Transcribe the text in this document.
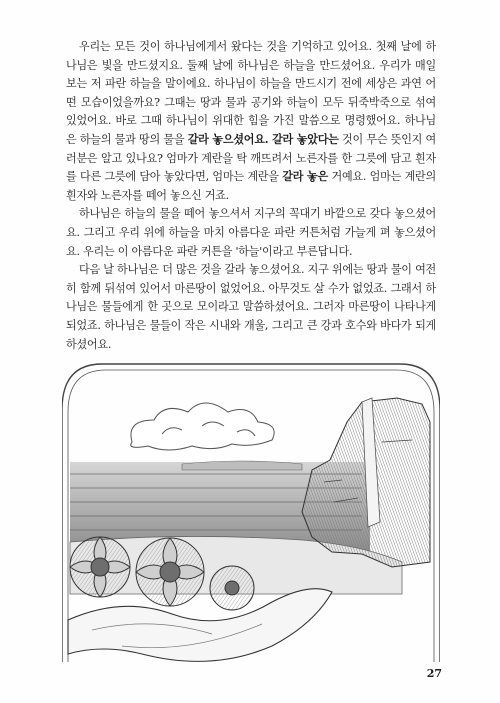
우리는 모든 것이 하나님에게서 왔다는 것을 기억하고 있어요. 첫째 날에 하나님은 빛을 만드셨지요. 둘째 날에 하나님은 하늘을 만드셨어요. 우리가 매일 보는 저 파란 하늘을 말이에요. 하나님이 하늘을 만드시기 전에 세상은 과연 어떤 모습이었을까요? 그때는 땅과 물과 공기와 하늘이 모두 뒤죽박죽으로 섞여 있었어요. 바로 그때 하나님이 위대한 힘을 가진 말씀으로 명령했어요. 하나님은 하늘의 물과 땅의 물을 갈라 놓으셨어요. 갈라 놓았다는 것이 무슨 뜻인지 여러분은 알고 있나요? 엄마가 계란을 탁 깨뜨려서 노른자를 한 그릇에 담고 흰자를 다른 그릇에 담아 놓았다면, 엄마는 계란을 갈라 놓은 거예요. 엄마는 계란의 흰자와 노른자를 떼어 놓으신 거죠.

하나님은 하늘의 물을 떼어 놓으셔서 지구의 꼭대기 바깥으로 갖다 놓으셨어요. 그리고 우리 위에 하늘을 마치 아름다운 파란 커튼처럼 가늘게 펴 놓으셨어요. 우리는 이 아름다운 파란 커튼을 '하늘'이라고 부른답니다.

다음 날 하나님은 더 많은 것을 갈라 놓으셨어요. 지구 위에는 땅과 물이 여전히 함께 뒤섞여 있어서 마른땅이 없었어요. 아무것도 살 수가 없었죠. 그래서 하나님은 물들에게 한 곳으로 모이라고 말씀하셨어요. 그러자 마른땅이 나타나게 되었죠. 하나님은 물들이 작은 시내와 개울, 그리고 큰 강과 호수와 바다가 되게 하셨어요.

27
